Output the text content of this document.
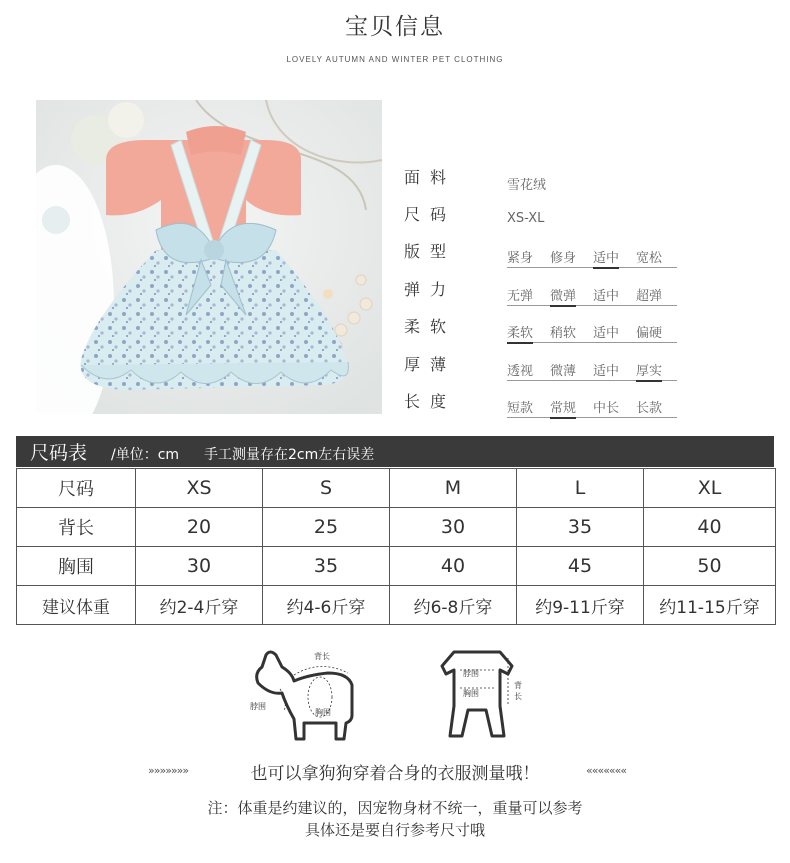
宝贝信息
LOVELY AUTUMN AND WINTER PET CLOTHING
面料	雪花绒
尺码	XS-XL
版型	紧身 修身 适中 宽松
弹力	无弹 微弹 适中 超弹
柔软	柔软 稍软 适中 偏硬
厚薄	透视 微薄 适中 厚实
长度	短款 常规 中长 长款
尺码表 /单位：cm 手工测量存在2cm左右误差
尺码	XS	S	M	L	XL
背长	20	25	30	35	40
胸围	30	35	40	45	50
建议体重	约2-4斤穿	约4-6斤穿	约6-8斤穿	约9-11斤穿	约11-15斤穿
背长
脖围
胸围
脖围
胸围
背长
»»»»»»»	也可以拿狗狗穿着合身的衣服测量哦！	«««««««
注：体重是约建议的，因宠物身材不统一，重量可以参考
具体还是要自行参考尺寸哦
